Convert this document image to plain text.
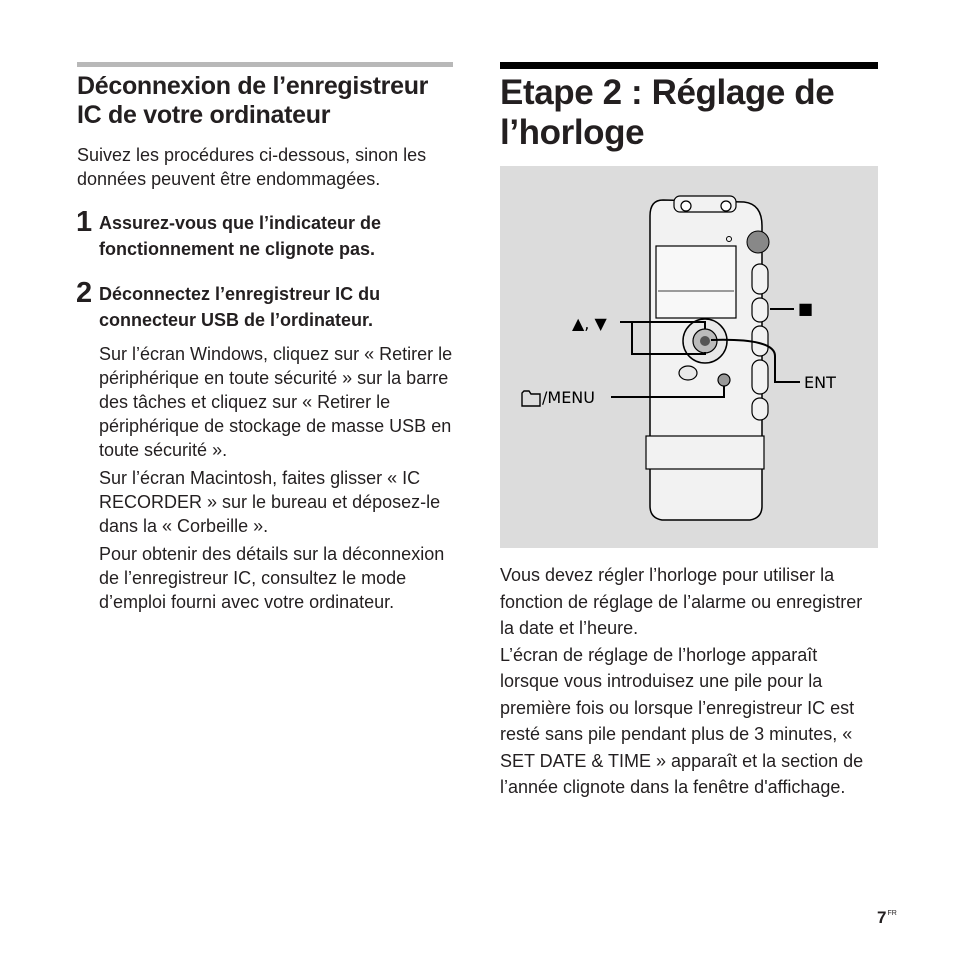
Déconnexion de l’enregistreur IC de votre ordinateur

Suivez les procédures ci-dessous, sinon les données peuvent être endommagées.

1 Assurez-vous que l’indicateur de fonctionnement ne clignote pas.
2 Déconnectez l’enregistreur IC du connecteur USB de l’ordinateur.

Sur l’écran Windows, cliquez sur « Retirer le périphérique en toute sécurité » sur la barre des tâches et cliquez sur « Retirer le périphérique de stockage de masse USB en toute sécurité ».

Sur l’écran Macintosh, faites glisser « IC RECORDER » sur le bureau et déposez-le dans la « Corbeille ».

Pour obtenir des détails sur la déconnexion de l’enregistreur IC, consultez le mode d’emploi fourni avec votre ordinateur.

Etape 2 : Réglage de l’horloge
▲, ▼
■
ENT
/MENU

Vous devez régler l’horloge pour utiliser la fonction de réglage de l’alarme ou enregistrer la date et l’heure.

L’écran de réglage de l’horloge apparaît lorsque vous introduisez une pile pour la première fois ou lorsque l’enregistreur IC est resté sans pile pendant plus de 3 minutes, « SET DATE & TIME » apparaît et la section de l’année clignote dans la fenêtre d'affichage.

$7^{FR}$
